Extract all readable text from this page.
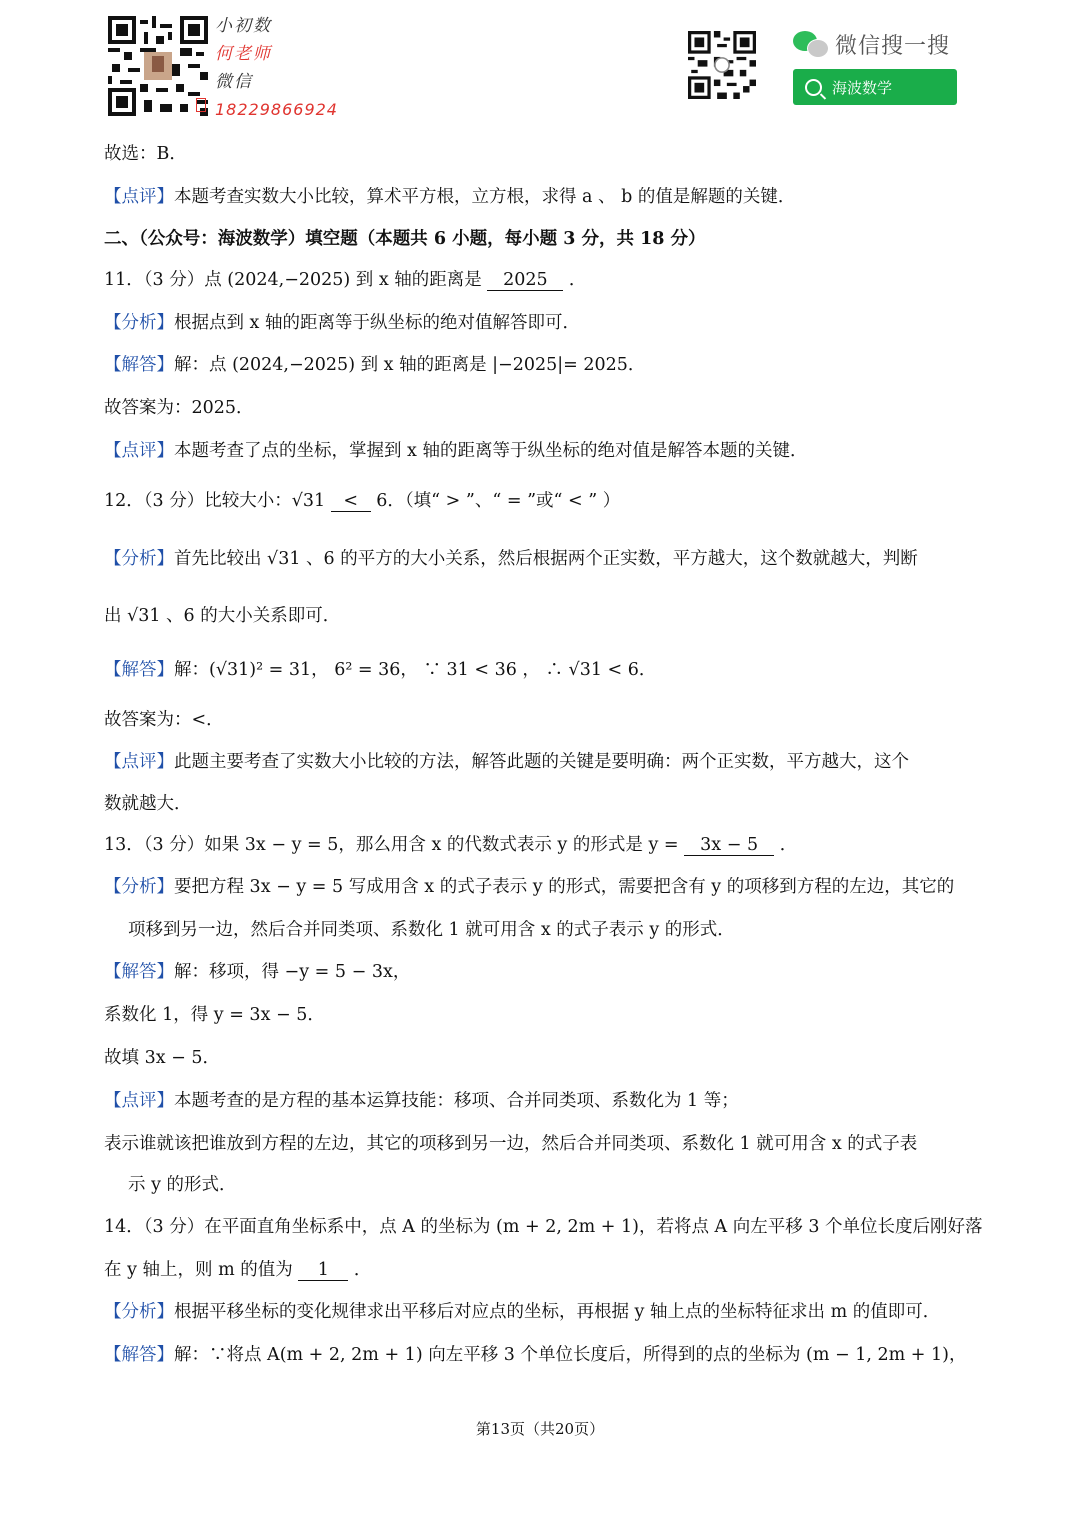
小初数
何老师
微信
18229866924
微信搜一搜
海波数学
故选：B．
【点评】本题考查实数大小比较，算术平方根，立方根，求得 a 、 b 的值是解题的关键．
二、（公众号：海波数学）填空题（本题共 6 小题，每小题 3 分，共 18 分）
11．（3 分）点 (2024,−2025) 到 x 轴的距离是 2025 ．
【分析】根据点到 x 轴的距离等于纵坐标的绝对值解答即可．
【解答】解：点 (2024,−2025) 到 x 轴的距离是 |−2025|= 2025．
故答案为：2025．
【点评】本题考查了点的坐标，掌握到 x 轴的距离等于纵坐标的绝对值是解答本题的关键．
12．（3 分）比较大小：√31 < 6．（填“ > ”、“ = ”或“ < ” ）
【分析】首先比较出 √31 、6 的平方的大小关系，然后根据两个正实数，平方越大，这个数就越大，判断
出 √31 、6 的大小关系即可．
【解答】解：(√31)² = 31， 6² = 36， ∵ 31 < 36 ， ∴ √31 < 6．
故答案为：<．
【点评】此题主要考查了实数大小比较的方法，解答此题的关键是要明确：两个正实数，平方越大，这个
数就越大．
13．（3 分）如果 3x − y = 5，那么用含 x 的代数式表示 y 的形式是 y = 3x − 5 ．
【分析】要把方程 3x − y = 5 写成用含 x 的式子表示 y 的形式，需要把含有 y 的项移到方程的左边，其它的
项移到另一边，然后合并同类项、系数化 1 就可用含 x 的式子表示 y 的形式．
【解答】解：移项，得 −y = 5 − 3x，
系数化 1，得 y = 3x − 5．
故填 3x − 5．
【点评】本题考查的是方程的基本运算技能：移项、合并同类项、系数化为 1 等；
表示谁就该把谁放到方程的左边，其它的项移到另一边，然后合并同类项、系数化 1 就可用含 x 的式子表
示 y 的形式．
14．（3 分）在平面直角坐标系中，点 A 的坐标为 (m + 2, 2m + 1)，若将点 A 向左平移 3 个单位长度后刚好落
在 y 轴上，则 m 的值为 1 ．
【分析】根据平移坐标的变化规律求出平移后对应点的坐标，再根据 y 轴上点的坐标特征求出 m 的值即可．
【解答】解：∵将点 A(m + 2, 2m + 1) 向左平移 3 个单位长度后，所得到的点的坐标为 (m − 1, 2m + 1)，
第13页（共20页）
